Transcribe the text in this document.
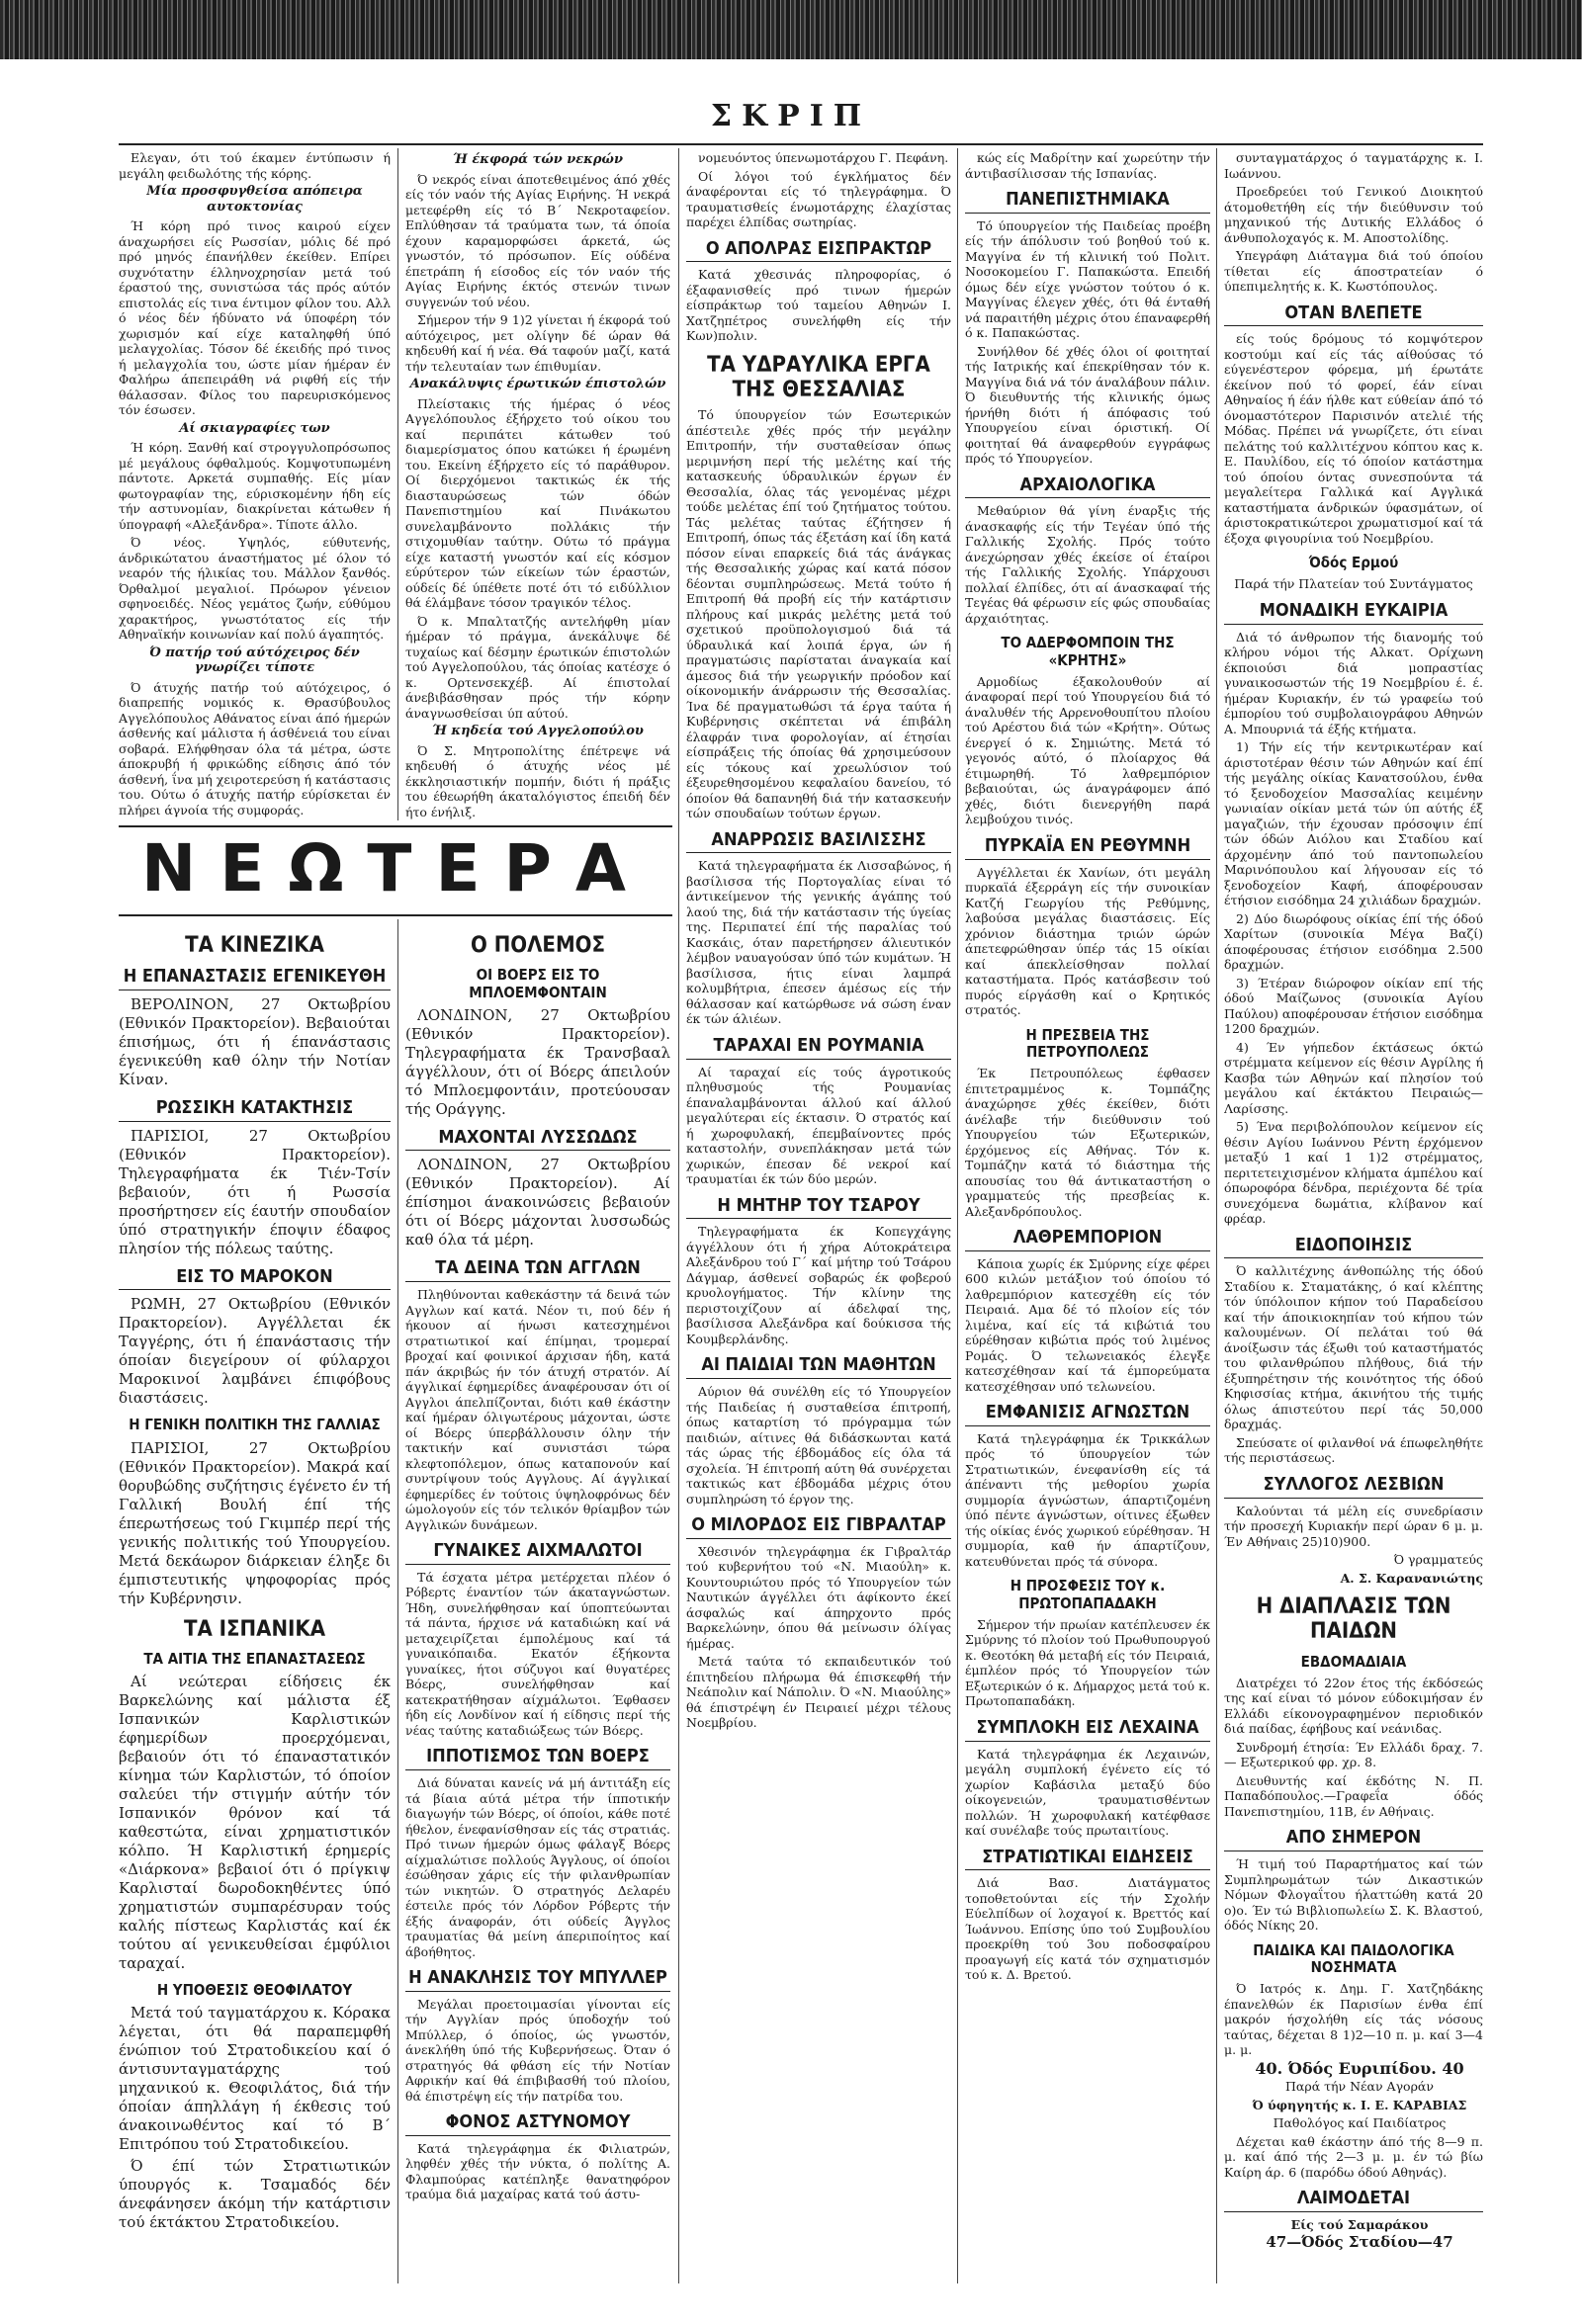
ΣΚΡΙΠ

Ελεγαν, ότι τού έκαμεν έντύπωσιν ή μεγάλη φειδωλότης τής κόρης.

Μία προσφυγθείσα απόπειρα αυτοκτονίας

Ή κόρη πρό τινος καιρού είχεν άναχωρήσει είς Ρωσσίαν, μόλις δέ πρό πρό μηνός έπανήλθεν έκείθεν. Επίρει συχνότατην έλληνοχρησίαν μετά τού έραστού της, συνιστώσα τάς πρός αύτόν επιστολάς είς τινα έντιμον φίλον του. Αλλ ό νέος δέν ήδύνατο νά ύποφέρη τόν χωρισμόν καί είχε καταληφθή ύπό μελαγχολίας. Τόσον δέ έκειδής πρό τινος ή μελαγχολία του, ώστε μίαν ήμέραν έν Φαλήρω άπεπειράθη νά ριφθή είς τήν θάλασσαν. Φίλος του παρευρισκόμενος τόν έσωσεν.

Αί σκιαγραφίες των

Ή κόρη. Ξανθή καί στρογγυλοπρόσωπος μέ μεγάλους όφθαλμούς. Κομψοτυπωμένη πάντοτε. Αρκετά συμπαθής. Είς μίαν φωτογραφίαν της, εύρισκομένην ήδη είς τήν αστυνομίαν, διακρίνεται κάτωθεν ή ύπογραφή «Αλεξάνδρα». Τίποτε άλλο.

Ό νέος. Υψηλός, εύθυτενής, άνδρικώτατου άναστήματος μέ όλον τό νεαρόν τής ήλικίας του. Μάλλον ξανθός. Όρθαλμοί μεγαλιοί. Πρόωρον γένειον σφηνοειδές. Νέος γεμάτος ζωήν, εύθύμου χαρακτήρος, γνωστότατος είς τήν Αθηναϊκήν κοινωνίαν καί πολύ άγαπητός.

Ό πατήρ τού αύτόχειρος δέν γνωρίζει τίποτε

Ό άτυχής πατήρ τού αύτόχειρος, ό διαπρεπής νομικός κ. Θρασύβουλος Αγγελόπουλος Αθάνατος είναι άπό ήμερών άσθενής καί μάλιστα ή άσθένειά του είναι σοβαρά. Ελήφθησαν όλα τά μέτρα, ώστε άποκρυβή ή φρικώδης είδησις άπό τόν άσθενή, ΐνα μή χειροτερεύση ή κατάστασις του. Ούτω ό άτυχής πατήρ εύρίσκεται έν πλήρει άγνοία τής συμφοράς.

Ή έκφορά τών νεκρών

Ό νεκρός είναι άποτεθειμένος άπό χθές είς τόν ναόν τής Αγίας Ειρήνης. Ή νεκρά μετεφέρθη είς τό Β΄ Νεκροταφείον. Επλύθησαν τά τραύματα των, τά όποία έχουν καραμορφώσει άρκετά, ώς γνωστόν, τό πρόσωπον. Είς ούδένα έπετράπη ή είσοδος είς τόν ναόν τής Αγίας Ειρήνης έκτός στενών τινων συγγενών τού νέου.

Σήμερον τήν 9 1)2 γίνεται ή έκφορά τού αύτόχειρος, μετ ολίγην δέ ώραν θά κηδευθή καί ή νέα. Θά ταφούν μαζί, κατά τήν τελευταίαν των έπιθυμίαν.

Ανακάλυψις έρωτικών έπιστολών

Πλείστακις τής ήμέρας ό νέος Αγγελόπουλος έξήρχετο τού οίκου του καί περιπάτει κάτωθεν τού διαμερίσματος όπου κατώκει ή έρωμένη του. Εκείνη έξήρχετο είς τό παράθυρον. Οί διερχόμενοι τακτικώς έκ τής διασταυρώσεως τών όδών Πανεπιστημίου καί Πινάκωτου συνελαμβάνοντο πολλάκις τήν στιχομυθίαν ταύτην. Ούτω τό πράγμα είχε καταστή γνωστόν καί είς κόσμον εύρύτερον τών είκείων τών έραστών, ούδείς δέ ύπέθετε ποτέ ότι τό ειδύλλιον θά έλάμβανε τόσον τραγικόν τέλος.

Ό κ. Μπαλτατζής αντελήφθη μίαν ήμέραν τό πράγμα, άνεκάλυψε δέ τυχαίως καί δέσμην έρωτικών έπιστολών τού Αγγελοπούλου, τάς όποίας κατέσχε ό κ. Ορτενσεκχέβ. Αί έπιστολαί άνεβιβάσθησαν πρός τήν κόρην άναγνωσθείσαι ύπ αύτού.

Ή κηδεία τού Αγγελοπούλου

Ό Σ. Μητροπολίτης έπέτρεψε νά κηδευθή ό άτυχής νέος μέ έκκλησιαστικήν πομπήν, διότι ή πράξις του έθεωρήθη άκαταλόγιστος έπειδή δέν ήτο ένήλιξ.

ΝΕΩΤΕΡΑ
ΤΑ ΚΙΝΕΖΙΚΑ
Η ΕΠΑΝΑΣΤΑΣΙΣ ΕΓΕΝΙΚΕΥΘΗ

ΒΕΡΟΛΙΝΟΝ, 27 Οκτωβρίου (Εθνικόν Πρακτορείον). Βεβαιούται έπισήμως, ότι ή έπανάστασις έγενικεύθη καθ όλην τήν Νοτίαν Κίναν.

ΡΩΣΣΙΚΗ ΚΑΤΑΚΤΗΣΙΣ

ΠΑΡΙΣΙΟΙ, 27 Οκτωβρίου (Εθνικόν Πρακτορείον). Τηλεγραφήματα έκ Τιέν-Τσίν βεβαιούν, ότι ή Ρωσσία προσήρτησεν είς έαυτήν σπουδαίον ύπό στρατηγικήν έποψιν έδαφος πλησίον τής πόλεως ταύτης.

ΕΙΣ ΤΟ ΜΑΡΟΚΟΝ

ΡΩΜΗ, 27 Οκτωβρίου (Εθνικόν Πρακτορείον). Αγγέλλεται έκ Ταγγέρης, ότι ή έπανάστασις τήν όποίαν διεγείρουν οί φύλαρχοι Μαροκινοί λαμβάνει έπιφόβους διαστάσεις.

Η ΓΕΝΙΚΗ ΠΟΛΙΤΙΚΗ ΤΗΣ ΓΑΛΛΙΑΣ

ΠΑΡΙΣΙΟΙ, 27 Οκτωβρίου (Εθνικόν Πρακτορείον). Μακρά καί θορυβώδης συζήτησις έγένετο έν τή Γαλλική Βουλή έπί τής έπερωτήσεως τού Γκιμπέρ περί τής γενικής πολιτικής τού Υπουργείου. Μετά δεκάωρον διάρκειαν έληξε δι έμπιστευτικής ψηφοφορίας πρός τήν Κυβέρνησιν.

ΤΑ ΙΣΠΑΝΙΚΑ
ΤΑ ΑΙΤΙΑ ΤΗΣ ΕΠΑΝΑΣΤΑΣΕΩΣ

Αί νεώτεραι είδήσεις έκ Βαρκελώνης καί μάλιστα έξ Ισπανικών Καρλιστικών έφημερίδων προερχόμεναι, βεβαιούν ότι τό έπαναστατικόν κίνημα τών Καρλιστών, τό όποίον σαλεύει τήν στιγμήν αύτήν τόν Ισπανικόν θρόνον καί τά καθεστώτα, είναι χρηματιστικόν κόλπο. Ή Καρλιστική έρημερίς «Διάρκονα» βεβαιοί ότι ό πρίγκιψ Καρλισταί δωροδοκηθέντες ύπό χρηματιστών συμπαρέσυραν τούς καλής πίστεως Καρλιστάς καί έκ τούτου αί γενικευθείσαι έμφύλιοι ταραχαί.

Η ΥΠΟΘΕΣΙΣ ΘΕΟΦΙΛΑΤΟΥ

Μετά τού ταγματάρχου κ. Κόρακα λέγεται, ότι θά παραπεμφθή ένώπιον τού Στρατοδικείου καί ό άντισυνταγματάρχης τού μηχανικού κ. Θεοφιλάτος, διά τήν όποίαν άπηλλάγη ή έκθεσις τού άνακοινωθέντος καί τό Β΄ Επιτρόπου τού Στρατοδικείου.

Ό έπί τών Στρατιωτικών ύπουργός κ. Τσαμαδός δέν άνεφάνησεν άκόμη τήν κατάρτισιν τού έκτάκτου Στρατοδικείου.

Ο ΠΟΛΕΜΟΣ
ΟΙ ΒΟΕΡΣ ΕΙΣ ΤΟ ΜΠΛΟΕΜΦΟΝΤΑΙΝ

ΛΟΝΔΙΝΟΝ, 27 Οκτωβρίου (Εθνικόν Πρακτορείον). Τηλεγραφήματα έκ Τρανσβααλ άγγέλλουν, ότι οί Βόερς άπειλούν τό Μπλοεμφοντάιν, προτεύουσαν τής Οράγγης.

ΜΑΧΟΝΤΑΙ ΛΥΣΣΩΔΩΣ

ΛΟΝΔΙΝΟΝ, 27 Οκτωβρίου (Εθνικόν Πρακτορείον). Αί έπίσημοι άνακοινώσεις βεβαιούν ότι οί Βόερς μάχονται λυσσωδώς καθ όλα τά μέρη.

ΤΑ ΔΕΙΝΑ ΤΩΝ ΑΓΓΛΩΝ

Πληθύνονται καθεκάστην τά δεινά τών Αγγλων καί κατά. Νέον τι, πού δέν ή ήκουον αί ήνωσι κατεσχημένοι στρατιωτικοί καί έπίμηαι, τρομεραί βροχαί καί φοινικοί άρχισαν ήδη, κατά πάν άκριβώς ήν τόν άτυχή στρατόν. Αί άγγλικαί έφημερίδες άναφέρουσαν ότι οί Αγγλοι άπελπίζονται, διότι καθ έκάστην καί ήμέραν όλιγωτέρους μάχονται, ώστε οί Βόερς ύπερβάλλουσιν όλην τήν τακτικήν καί συνιστάσι τώρα κλεφτοπόλεμον, όπως καταπονούν καί συντρίψουν τούς Αγγλους. Αί άγγλικαί έφημερίδες έν τούτοις ύψηλοφρόνως δέν ώμολογούν είς τόν τελικόν θρίαμβον τών Αγγλικών δυνάμεων.

ΓΥΝΑΙΚΕΣ ΑΙΧΜΑΛΩΤΟΙ

Τά έσχατα μέτρα μετέρχεται πλέον ό Ρόβερτς έναντίον τών άκαταγνώστων. Ήδη, συνελήφθησαν καί ύποπτεύωνται τά πάντα, ήρχισε νά καταδιώκη καί νά μεταχειρίζεται έμπολέμους καί τά γυναικόπαιδα. Εκατόν έξήκοντα γυναίκες, ήτοι σύζυγοι καί θυγατέρες Βόερς, συνελήφθησαν καί κατεκρατήθησαν αίχμάλωτοι. Έφθασεν ήδη είς Λονδίνον καί ή είδησις περί τής νέας ταύτης καταδιώξεως τών Βόερς.

ΙΠΠΟΤΙΣΜΟΣ ΤΩΝ ΒΟΕΡΣ

Διά δύναται κανείς νά μή άντιτάξη είς τά βίαια αύτά μέτρα τήν ίπποτικήν διαγωγήν τών Βόερς, οί όποίοι, κάθε ποτέ ήθελον, ένεφανίσθησαν είς τάς στρατιάς. Πρό τινων ήμερών όμως φάλαγξ Βόερς αίχμαλώτισε πολλούς Άγγλους, οί όποίοι έσώθησαν χάρις είς τήν φιλανθρωπίαν τών νικητών. Ό στρατηγός Δελαρέυ έστειλε πρός τόν Λόρδον Ρόβερτς τήν έξής άναφοράν, ότι ούδείς Άγγλος τραυματίας θά μείνη άπεριποίητος καί άβοήθητος.

Η ΑΝΑΚΛΗΣΙΣ ΤΟΥ ΜΠΥΛΛΕΡ

Μεγάλαι προετοιμασίαι γίνονται είς τήν Αγγλίαν πρός ύποδοχήν τού Μπύλλερ, ό όποίος, ώς γνωστόν, άνεκλήθη ύπό τής Κυβερνήσεως. Όταν ό στρατηγός θά φθάση είς τήν Νοτίαν Αφρικήν καί θά έπιβιβασθή τού πλοίου, θά έπιστρέψη είς τήν πατρίδα του.

ΦΟΝΟΣ ΑΣΤΥΝΟΜΟΥ

Κατά τηλεγράφημα έκ Φιλιατρών, ληφθέν χθές τήν νύκτα, ό πολίτης Α. Φλαμπούρας κατέπληξε θανατηφόρον τραύμα διά μαχαίρας κατά τού άστυ-

νομευόντος ύπενωμοτάρχου Γ. Πεφάνη.

Οί λόγοι τού έγκλήματος δέν άναφέρονται είς τό τηλεγράφημα. Ό τραυματισθείς ένωμοτάρχης έλαχίστας παρέχει έλπίδας σωτηρίας.

Ο ΑΠΟΛΡΑΣ ΕΙΣΠΡΑΚΤΩΡ

Κατά χθεσινάς πληροφορίας, ό έξαφανισθείς πρό τινων ήμερών είσπράκτωρ τού ταμείου Αθηνών Ι. Χατζηπέτρος συνελήφθη είς τήν Κων)πολιν.

ΤΑ ΥΔΡΑΥΛΙΚΑ ΕΡΓΑ ΤΗΣ ΘΕΣΣΑΛΙΑΣ

Τό ύπουργείον τών Εσωτερικών άπέστειλε χθές πρός τήν μεγάλην Επιτροπήν, τήν συσταθείσαν όπως μεριμνήση περί τής μελέτης καί τής κατασκευής ύδραυλικών έργων έν Θεσσαλία, όλας τάς γενομένας μέχρι τούδε μελέτας έπί τού ζητήματος τούτου. Τάς μελέτας ταύτας έζήτησεν ή Επιτροπή, όπως τάς έξετάση καί ίδη κατά πόσον είναι επαρκείς διά τάς άνάγκας τής Θεσσαλικής χώρας καί κατά πόσον δέονται συμπληρώσεως. Μετά τούτο ή Επιτροπή θά προβή είς τήν κατάρτισιν πλήρους καί μικράς μελέτης μετά τού σχετικού προϋπολογισμού διά τά ύδραυλικά καί λοιπά έργα, ών ή πραγματώσις παρίσταται άναγκαία καί άμεσος διά τήν γεωργικήν πρόοδον καί οίκονομικήν άνάρρωσιν τής Θεσσαλίας. Ίνα δέ πραγματωθώσι τά έργα ταύτα ή Κυβέρνησις σκέπτεται νά έπιβάλη έλαφράν τινα φορολογίαν, αί έτησίαι είσπράξεις τής όποίας θά χρησιμεύσουν είς τόκους καί χρεωλύσιον τού έξευρεθησομένου κεφαλαίου δανείου, τό όποίον θά δαπανηθή διά τήν κατασκευήν τών σπουδαίων τούτων έργων.

ΑΝΑΡΡΩΣΙΣ ΒΑΣΙΛΙΣΣΗΣ

Κατά τηλεγραφήματα έκ Λισσαβώνος, ή βασίλισσα τής Πορτογαλίας είναι τό άντικείμενον τής γενικής άγάπης τού λαού της, διά τήν κατάστασιν τής ύγείας της. Περιπατεί έπί τής παραλίας τού Κασκάις, όταν παρετήρησεν άλιευτικόν λέμβον ναυαγούσαν ύπό τών κυμάτων. Ή βασίλισσα, ήτις είναι λαμπρά κολυμβήτρια, έπεσεν άμέσως είς τήν θάλασσαν καί κατώρθωσε νά σώση έναν έκ τών άλιέων.

ΤΑΡΑΧΑΙ ΕΝ ΡΟΥΜΑΝΙΑ

Αί ταραχαί είς τούς άγροτικούς πληθυσμούς τής Ρουμανίας έπαναλαμβάνονται άλλού καί άλλού μεγαλύτεραι είς έκτασιν. Ό στρατός καί ή χωροφυλακή, έπεμβαίνοντες πρός καταστολήν, συνεπλάκησαν μετά τών χωρικών, έπεσαν δέ νεκροί καί τραυματίαι έκ τών δύο μερών.

Η ΜΗΤΗΡ ΤΟΥ ΤΣΑΡΟΥ

Τηλεγραφήματα έκ Κοπεγχάγης άγγέλλουν ότι ή χήρα Αύτοκράτειρα Αλεξάνδρου τού Γ΄ καί μήτηρ τού Τσάρου Δάγμαρ, άσθενεί σοβαρώς έκ φοβερού κρυολογήματος. Τήν κλίνην της περιστοιχίζουν αί άδελφαί της, βασίλισσα Αλεξάνδρα καί δούκισσα τής Κουμβερλάνδης.

ΑΙ ΠΑΙΔΙΑΙ ΤΩΝ ΜΑΘΗΤΩΝ

Αύριον θά συνέλθη είς τό Υπουργείον τής Παιδείας ή συσταθείσα έπιτροπή, όπως καταρτίση τό πρόγραμμα τών παιδιών, αίτινες θά διδάσκωνται κατά τάς ώρας τής έβδομάδος είς όλα τά σχολεία. Ή έπιτροπή αύτη θά συνέρχεται τακτικώς κατ έβδομάδα μέχρις ότου συμπληρώση τό έργον της.

Ο ΜΙΛΟΡΔΟΣ ΕΙΣ ΓΙΒΡΑΛΤΑΡ

Χθεσινόν τηλεγράφημα έκ Γιβραλτάρ τού κυβερνήτου τού «Ν. Μιαούλη» κ. Κουντουριώτου πρός τό Υπουργείον τών Ναυτικών άγγέλλει ότι άφίκοντο έκεί άσφαλώς καί άπηρχοντο πρός Βαρκελώνην, όπου θά μείνωσιν όλίγας ήμέρας.

Μετά ταύτα τό εκπαιδευτικόν τού έπιτηδείου πλήρωμα θά έπισκεφθή τήν Νεάπολιν καί Νάπολιν. Ό «Ν. Μιαούλης» θά έπιστρέψη έν Πειραιεί μέχρι τέλους Νοεμβρίου.

κώς είς Μαδρίτην καί χωρεύτην τήν άντιβασίλισσαν τής Ισπανίας.

ΠΑΝΕΠΙΣΤΗΜΙΑΚΑ

Τό ύπουργείον τής Παιδείας προέβη είς τήν άπόλυσιν τού βοηθού τού κ. Μαγγίνα έν τή κλινική τού Πολιτ. Νοσοκομείου Γ. Παπακώστα. Επειδή όμως δέν είχε γνώστον τούτου ό κ. Μαγγίνας έλεγεν χθές, ότι θά ένταθή νά παραιτήθη μέχρις ότου έπαναφερθή ό κ. Παπακώστας.

Συνήλθον δέ χθές όλοι οί φοιτηταί τής Ιατρικής καί έπεκρίθησαν τόν κ. Μαγγίνα διά νά τόν άναλάβουν πάλιν. Ό διευθυντής τής κλινικής όμως ήρνήθη διότι ή άπόφασις τού Υπουργείου είναι όριστική. Οί φοιτηταί θά άναφερθούν εγγράφως πρός τό Υπουργείον.

ΑΡΧΑΙΟΛΟΓΙΚΑ

Μεθαύριον θά γίνη έναρξις τής άνασκαφής είς τήν Τεγέαν ύπό τής Γαλλικής Σχολής. Πρός τούτο άνεχώρησαν χθές έκείσε οί έταίροι τής Γαλλικής Σχολής. Υπάρχουσι πολλαί έλπίδες, ότι αί άνασκαφαί τής Τεγέας θά φέρωσιν είς φώς σπουδαίας άρχαιότητας.

ΤΟ ΑΔΕΡΦΟΜΠΟΙΝ ΤΗΣ «ΚΡΗΤΗΣ»

Αρμοδίως έξακολουθούν αί άναφοραί περί τού Υπουργείου διά τό άναλυθέν τής Αρρενοθουπίτου πλοίου τού Αρέστου διά τών «Κρήτη». Ούτως ένεργεί ό κ. Σημιώτης. Μετά τό γεγονός αύτό, ό πλοίαρχος θά έτιμωρηθή. Τό λαθρεμπόριον βεβαιούται, ώς άναγράφομεν άπό χθές, διότι διενεργήθη παρά λεμβούχου τινός.

ΠΥΡΚΑΪΑ ΕΝ ΡΕΘΥΜΝΗ

Αγγέλλεται έκ Χανίων, ότι μεγάλη πυρκαϊά έξερράγη είς τήν συνοικίαν Κατζή Γεωργίου τής Ρεθύμνης, λαβούσα μεγάλας διαστάσεις. Είς χρόνιον διάστημα τριών ώρών άπετεφρώθησαν ύπέρ τάς 15 οίκίαι καί άπεκλείσθησαν πολλαί καταστήματα. Πρός κατάσβεσιν τού πυρός είργάσθη καί ο Κρητικός στρατός.

Η ΠΡΕΣΒΕΙΑ ΤΗΣ ΠΕΤΡΟΥΠΟΛΕΩΣ

Έκ Πετρουπόλεως έφθασεν έπιτετραμμένος κ. Τομπάζης άναχώρησε χθές έκείθεν, διότι άνέλαβε τήν διεύθυνσιν τού Υπουργείου τών Εξωτερικών, έρχόμενος είς Αθήνας. Τόν κ. Τομπάζην κατά τό διάστημα τής απουσίας του θά άντικαταστήση ο γραμματεύς τής πρεσβείας κ. Αλεξανδρόπουλος.

ΛΑΘΡΕΜΠΟΡΙΟΝ

Κάποια χωρίς έκ Σμύρνης είχε φέρει 600 κιλών μετάξιον τού όποίου τό λαθρεμπόριον κατεσχέθη είς τόν Πειραιά. Αμα δέ τό πλοίον είς τόν λιμένα, καί είς τά κιβώτιά του εύρέθησαν κιβώτια πρός τού λιμένος Ρομάς. Ό τελωνειακός έλεγξε κατεσχέθησαν καί τά έμπορεύματα κατεσχέθησαν υπό τελωνείου.

ΕΜΦΑΝΙΣΙΣ ΑΓΝΩΣΤΩΝ

Κατά τηλεγράφημα έκ Τρικκάλων πρός τό ύπουργείον τών Στρατιωτικών, ένεφανίσθη είς τά άπέναντι τής μεθορίου χωρία συμμορία άγνώστων, άπαρτιζομένη ύπό πέντε άγνώστων, οίτινες έξωθεν τής οίκίας ένός χωρικού εύρέθησαν. Ή συμμορία, καθ ήν άπαρτίζουν, κατευθύνεται πρός τά σύνορα.

Η ΠΡΟΣΦΕΣΙΣ ΤΟΥ κ. ΠΡΩΤΟΠΑΠΑΔΑΚΗ

Σήμερον τήν πρωίαν κατέπλευσεν έκ Σμύρνης τό πλοίον τού Πρωθυπουργού κ. Θεοτόκη θά μεταβή είς τόν Πειραιά, έμπλέον πρός τό Υπουργείον τών Εξωτερικών ό κ. Δήμαρχος μετά τού κ. Πρωτοπαπαδάκη.

ΣΥΜΠΛΟΚΗ ΕΙΣ ΛΕΧΑΙΝΑ

Κατά τηλεγράφημα έκ Λεχαινών, μεγάλη συμπλοκή έγένετο είς τό χωρίον Καβάσιλα μεταξύ δύο οίκογενειών, τραυματισθέντων πολλών. Ή χωροφυλακή κατέφθασε καί συνέλαβε τούς πρωταιτίους.

ΣΤΡΑΤΙΩΤΙΚΑΙ ΕΙΔΗΣΕΙΣ

Διά Βασ. Διατάγματος τοποθετούνται είς τήν Σχολήν Εύελπίδων οί λοχαγοί κ. Βρεττός καί Ίωάννου. Επίσης ύπο τού Συμβουλίου προεκρίθη τού 3ου ποδοσφαίρου προαγωγή είς κατά τόν σχηματισμόν τού κ. Δ. Βρετού.

συνταγματάρχος ό ταγματάρχης κ. Ι. Ιωάννου.

Προεδρεύει τού Γενικού Διοικητού άτομοθετήθη είς τήν διεύθυνσιν τού μηχανικού τής Δυτικής Ελλάδος ό άνθυπολοχαγός κ. Μ. Αποστολίδης.

Υπεγράφη Διάταγμα διά τού όποίου τίθεται είς άποστρατείαν ό ύπεπιμελητής κ. Κ. Κωστόπουλος.

ΟΤΑΝ ΒΛΕΠΕΤΕ

είς τούς δρόμους τό κομψότερον κοστούμι καί είς τάς αίθούσας τό εύγενέστερον φόρεμα, μή έρωτάτε έκείνον πού τό φορεί, έάν είναι Αθηναίος ή έάν ήλθε κατ εύθείαν άπό τό όνομαστότερον Παρισινόν ατελιέ τής Μόδας. Πρέπει νά γνωρίζετε, ότι είναι πελάτης τού καλλιτέχνου κόπτου κας κ. Ε. Παυλίδου, είς τό όποίον κατάστημα τού όποίου όντας συνεσπούντα τά μεγαλείτερα Γαλλικά καί Αγγλικά καταστήματα άνδρικών ύφασμάτων, οί άριστοκρατικώτεροι χρωματισμοί καί τά έξοχα φιγουρίνια τού Νοεμβρίου.

Όδός Ερμού

Παρά τήν Πλατείαν τού Συντάγματος

ΜΟΝΑΔΙΚΗ ΕΥΚΑΙΡΙΑ

Διά τό άνθρωπον τής διανομής τού κλήρου νόμοι τής Αλκατ. Ορίχωνη έκποιούσι διά μοπραστίας γυναικοσωστών τής 19 Νοεμβρίου έ. έ. ήμέραν Κυριακήν, έν τώ γραφείω τού έμπορίου τού συμβολαιογράφου Αθηνών Α. Μπουρνιά τά έξής κτήματα.

1) Τήν είς τήν κεντρικωτέραν καί άριστοτέραν θέσιν τών Αθηνών καί έπί τής μεγάλης οίκίας Κανατσούλου, ένθα τό ξενοδοχείον Μασσαλίας κειμένην γωνιαίαν οίκίαν μετά τών ύπ αύτής έξ μαγαζιών, τήν έχουσαν πρόσοψιν έπί τών όδών Αιόλου και Σταδίου καί άρχομένην άπό τού παντοπωλείου Μαρινόπουλου καί λήγουσαν είς τό ξενοδοχείον Καφή, άποφέρουσαν έτήσιον εισόδημα 24 χιλιάδων δραχμών.

2) Δύο διωρόφους οίκίας έπί τής όδού Χαρίτων (συνοικία Μέγα Βαζί) άποφέρουσας έτήσιον εισόδημα 2.500 δραχμών.

3) Έτέραν διώροφον οίκίαν επί τής όδού Μαίζωνος (συνοικία Αγίου Παύλου) αποφέρουσαν έτήσιον εισόδημα 1200 δραχμών.

4) Έν γήπεδον έκτάσεως όκτώ στρέμματα κείμενον είς θέσιν Αγρίλης ή Κασβα τών Αθηνών καί πλησίον τού μεγάλου καί έκτάκτου Πειραιώς—Λαρίσσης.

5) Ένα περιβολόπουλον κείμενον είς θέσιν Αγίου Ιωάννου Ρέντη έρχόμενον μεταξύ 1 καί 1 1)2 στρέμματος, περιτετειχισμένον κλήματα άμπέλου καί όπωροφόρα δένδρα, περιέχοντα δέ τρία συνεχόμενα δωμάτια, κλίβανον καί φρέαρ.

ΕΙΔΟΠΟΙΗΣΙΣ

Ό καλλιτέχνης άνθοπώλης τής όδού Σταδίου κ. Σταματάκης, ό καί κλέπτης τόν ύπόλοιπον κήπον τού Παραδείσου καί τήν άποικιοκηπίαν τού κήπου τών καλουμένων. Οί πελάται τού θά άνοίξωσιν τάς έξωθι τού καταστήματός του φιλανθρώπου πλήθους, διά τήν έξυπηρέτησιν τής κοινότητος τής όδού Κηφισσίας κτήμα, άκινήτου τής τιμής όλως άπιστεύτου περί τάς 50,000 δραχμάς.

Σπεύσατε οί φιλανθοί νά έπωφεληθήτε τής περιστάσεως.

ΣΥΛΛΟΓΟΣ ΛΕΣΒΙΩΝ

Καλούνται τά μέλη είς συνεδρίασιν τήν προσεχή Κυριακήν περί ώραν 6 μ. μ. Έν Αθήναις 25)10)900.

Ό γραμματεύς

Α. Σ. Καρανανιώτης

Η ΔΙΑΠΛΑΣΙΣ ΤΩΝ ΠΑΙΔΩΝ
ΕΒΔΟΜΑΔΙΑΙΑ

Διατρέχει τό 22ον έτος τής έκδόσεώς της καί είναι τό μόνον εύδοκιμήσαν έν Ελλάδι είκονογραφημένον περιοδικόν διά παίδας, έφήβους καί νεάνιδας.

Συνδρομή έτησία: Έν Ελλάδι δραχ. 7.— Εξωτερικού φρ. χρ. 8.

Διευθυντής καί έκδότης Ν. Π. Παπαδόπουλος.—Γραφεΐα όδός Πανεπιστημίου, 11Β, έν Αθήναις.

ΑΠΟ ΣΗΜΕΡΟΝ

Ή τιμή τού Παραρτήματος καί τών Συμπληρωμάτων τών Δικαστικών Νόμων Φλογαΐτου ήλαττώθη κατά 20 ο)ο. Έν τώ Βιβλιοπωλείω Σ. Κ. Βλαστού, όδός Νίκης 20.

ΠΑΙΔΙΚΑ ΚΑΙ ΠΑΙΔΟΛΟΓΙΚΑ ΝΟΣΗΜΑΤΑ

Ό Ιατρός κ. Δημ. Γ. Χατζηδάκης έπανελθών έκ Παρισίων ένθα έπί μακρόν ήσχολήθη είς τάς νόσους ταύτας, δέχεται 8 1)2—10 π. μ. καί 3—4 μ. μ.

40. Όδός Ευριπίδου. 40

Παρά τήν Νέαν Αγοράν

Ό ύφηγητής κ. Ι. Ε. ΚΑΡΑΒΙΑΣ

Παθολόγος καί Παιδίατρος

Δέχεται καθ έκάστην άπό τής 8—9 π. μ. καί άπό τής 2—3 μ. μ. έν τώ βίω Καίρη άρ. 6 (παρόδω όδού Αθηνάς).

ΛΑΙΜΟΔΕΤΑΙ

Είς τού Σαμαράκου

47—Όδός Σταδίου—47
